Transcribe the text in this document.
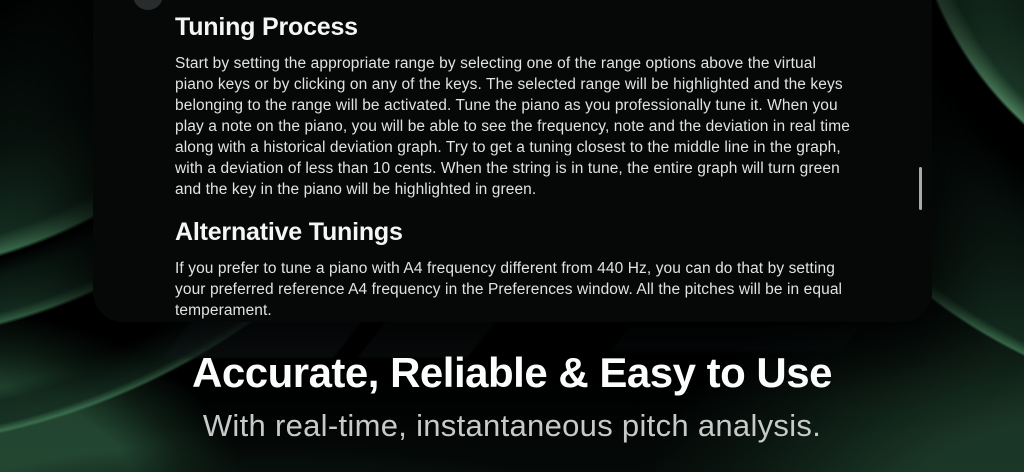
Tuning Process

Start by setting the appropriate range by selecting one of the range options above the virtual piano keys or by clicking on any of the keys. The selected range will be highlighted and the keys belonging to the range will be activated. Tune the piano as you professionally tune it. When you play a note on the piano, you will be able to see the frequency, note and the deviation in real time along with a historical deviation graph. Try to get a tuning closest to the middle line in the graph, with a deviation of less than 10 cents. When the string is in tune, the entire graph will turn green and the key in the piano will be highlighted in green.

Alternative Tunings

If you prefer to tune a piano with A4 frequency different from 440 Hz, you can do that by setting your preferred reference A4 frequency in the Preferences window. All the pitches will be in equal temperament.

Accurate, Reliable & Easy to Use

With real-time, instantaneous pitch analysis.
